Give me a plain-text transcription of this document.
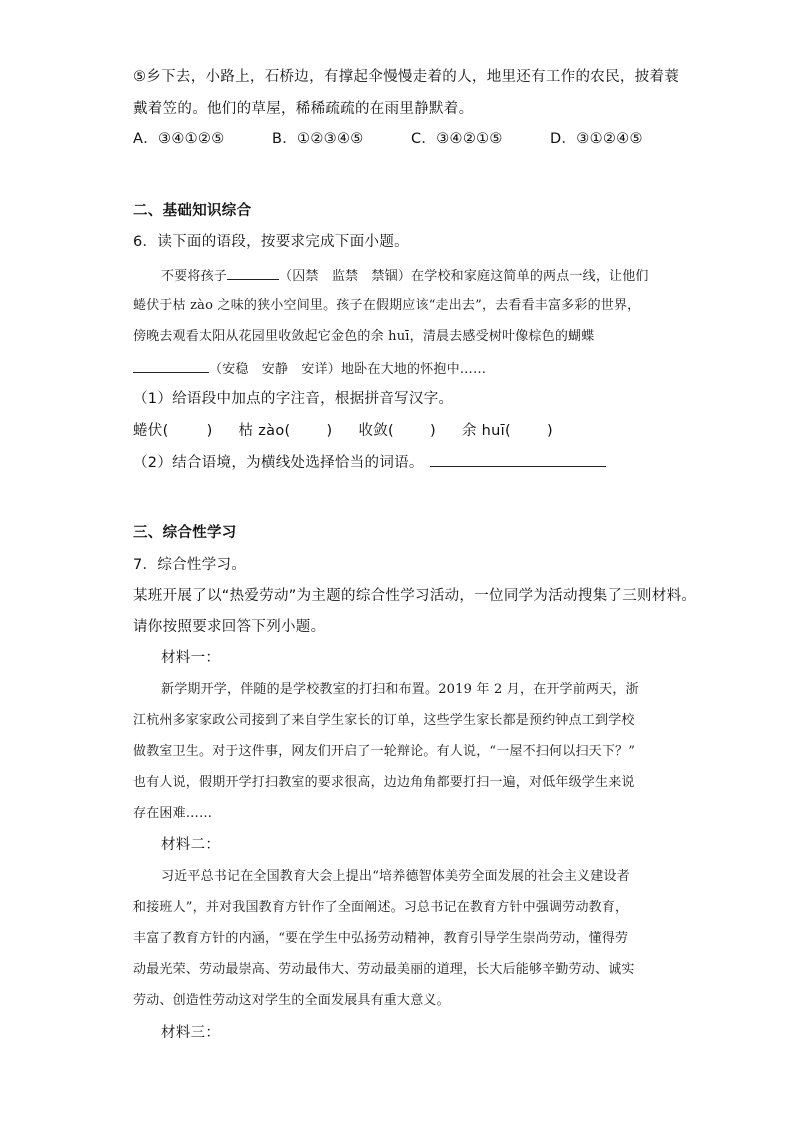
⑤乡下去，小路上，石桥边，有撑起伞慢慢走着的人，地里还有工作的农民，披着蓑
戴着笠的。他们的草屋，稀稀疏疏的在雨里静默着。
A．③④①②⑤	B．①②③④⑤	C．③④②①⑤	D．③①②④⑤
二、基础知识综合
6．读下面的语段，按要求完成下面小题。
不要将孩子	（囚禁　监禁　禁锢）在学校和家庭这简单的两点一线，让他们
蜷伏于枯 zào 之味的狭小空间里。孩子在假期应该“走出去”，去看看丰富多彩的世界，
傍晚去观看太阳从花园里收敛起它金色的余 huī，清晨去感受树叶像棕色的蝴蝶
（安稳　安静　安详）地卧在大地的怀抱中……
（1）给语段中加点的字注音，根据拼音写汉字。
蜷伏(	) 枯 zào( ) 收敛( ) 余 huī( )
（2）结合语境，为横线处选择恰当的词语。
三、综合性学习
7．综合性学习。
某班开展了以“热爱劳动”为主题的综合性学习活动，一位同学为活动搜集了三则材料。
请你按照要求回答下列小题。
材料一：
新学期开学，伴随的是学校教室的打扫和布置。2019 年 2 月，在开学前两天，浙
江杭州多家家政公司接到了来自学生家长的订单，这些学生家长都是预约钟点工到学校
做教室卫生。对于这件事，网友们开启了一轮辩论。有人说，“一屋不扫何以扫天下？”
也有人说，假期开学打扫教室的要求很高，边边角角都要打扫一遍，对低年级学生来说
存在困难……
材料二：
习近平总书记在全国教育大会上提出“培养德智体美劳全面发展的社会主义建设者
和接班人”，并对我国教育方针作了全面阐述。习总书记在教育方针中强调劳动教育，
丰富了教育方针的内涵，“要在学生中弘扬劳动精神，教育引导学生崇尚劳动，懂得劳
动最光荣、劳动最崇高、劳动最伟大、劳动最美丽的道理，长大后能够辛勤劳动、诚实
劳动、创造性劳动这对学生的全面发展具有重大意义。
材料三：
